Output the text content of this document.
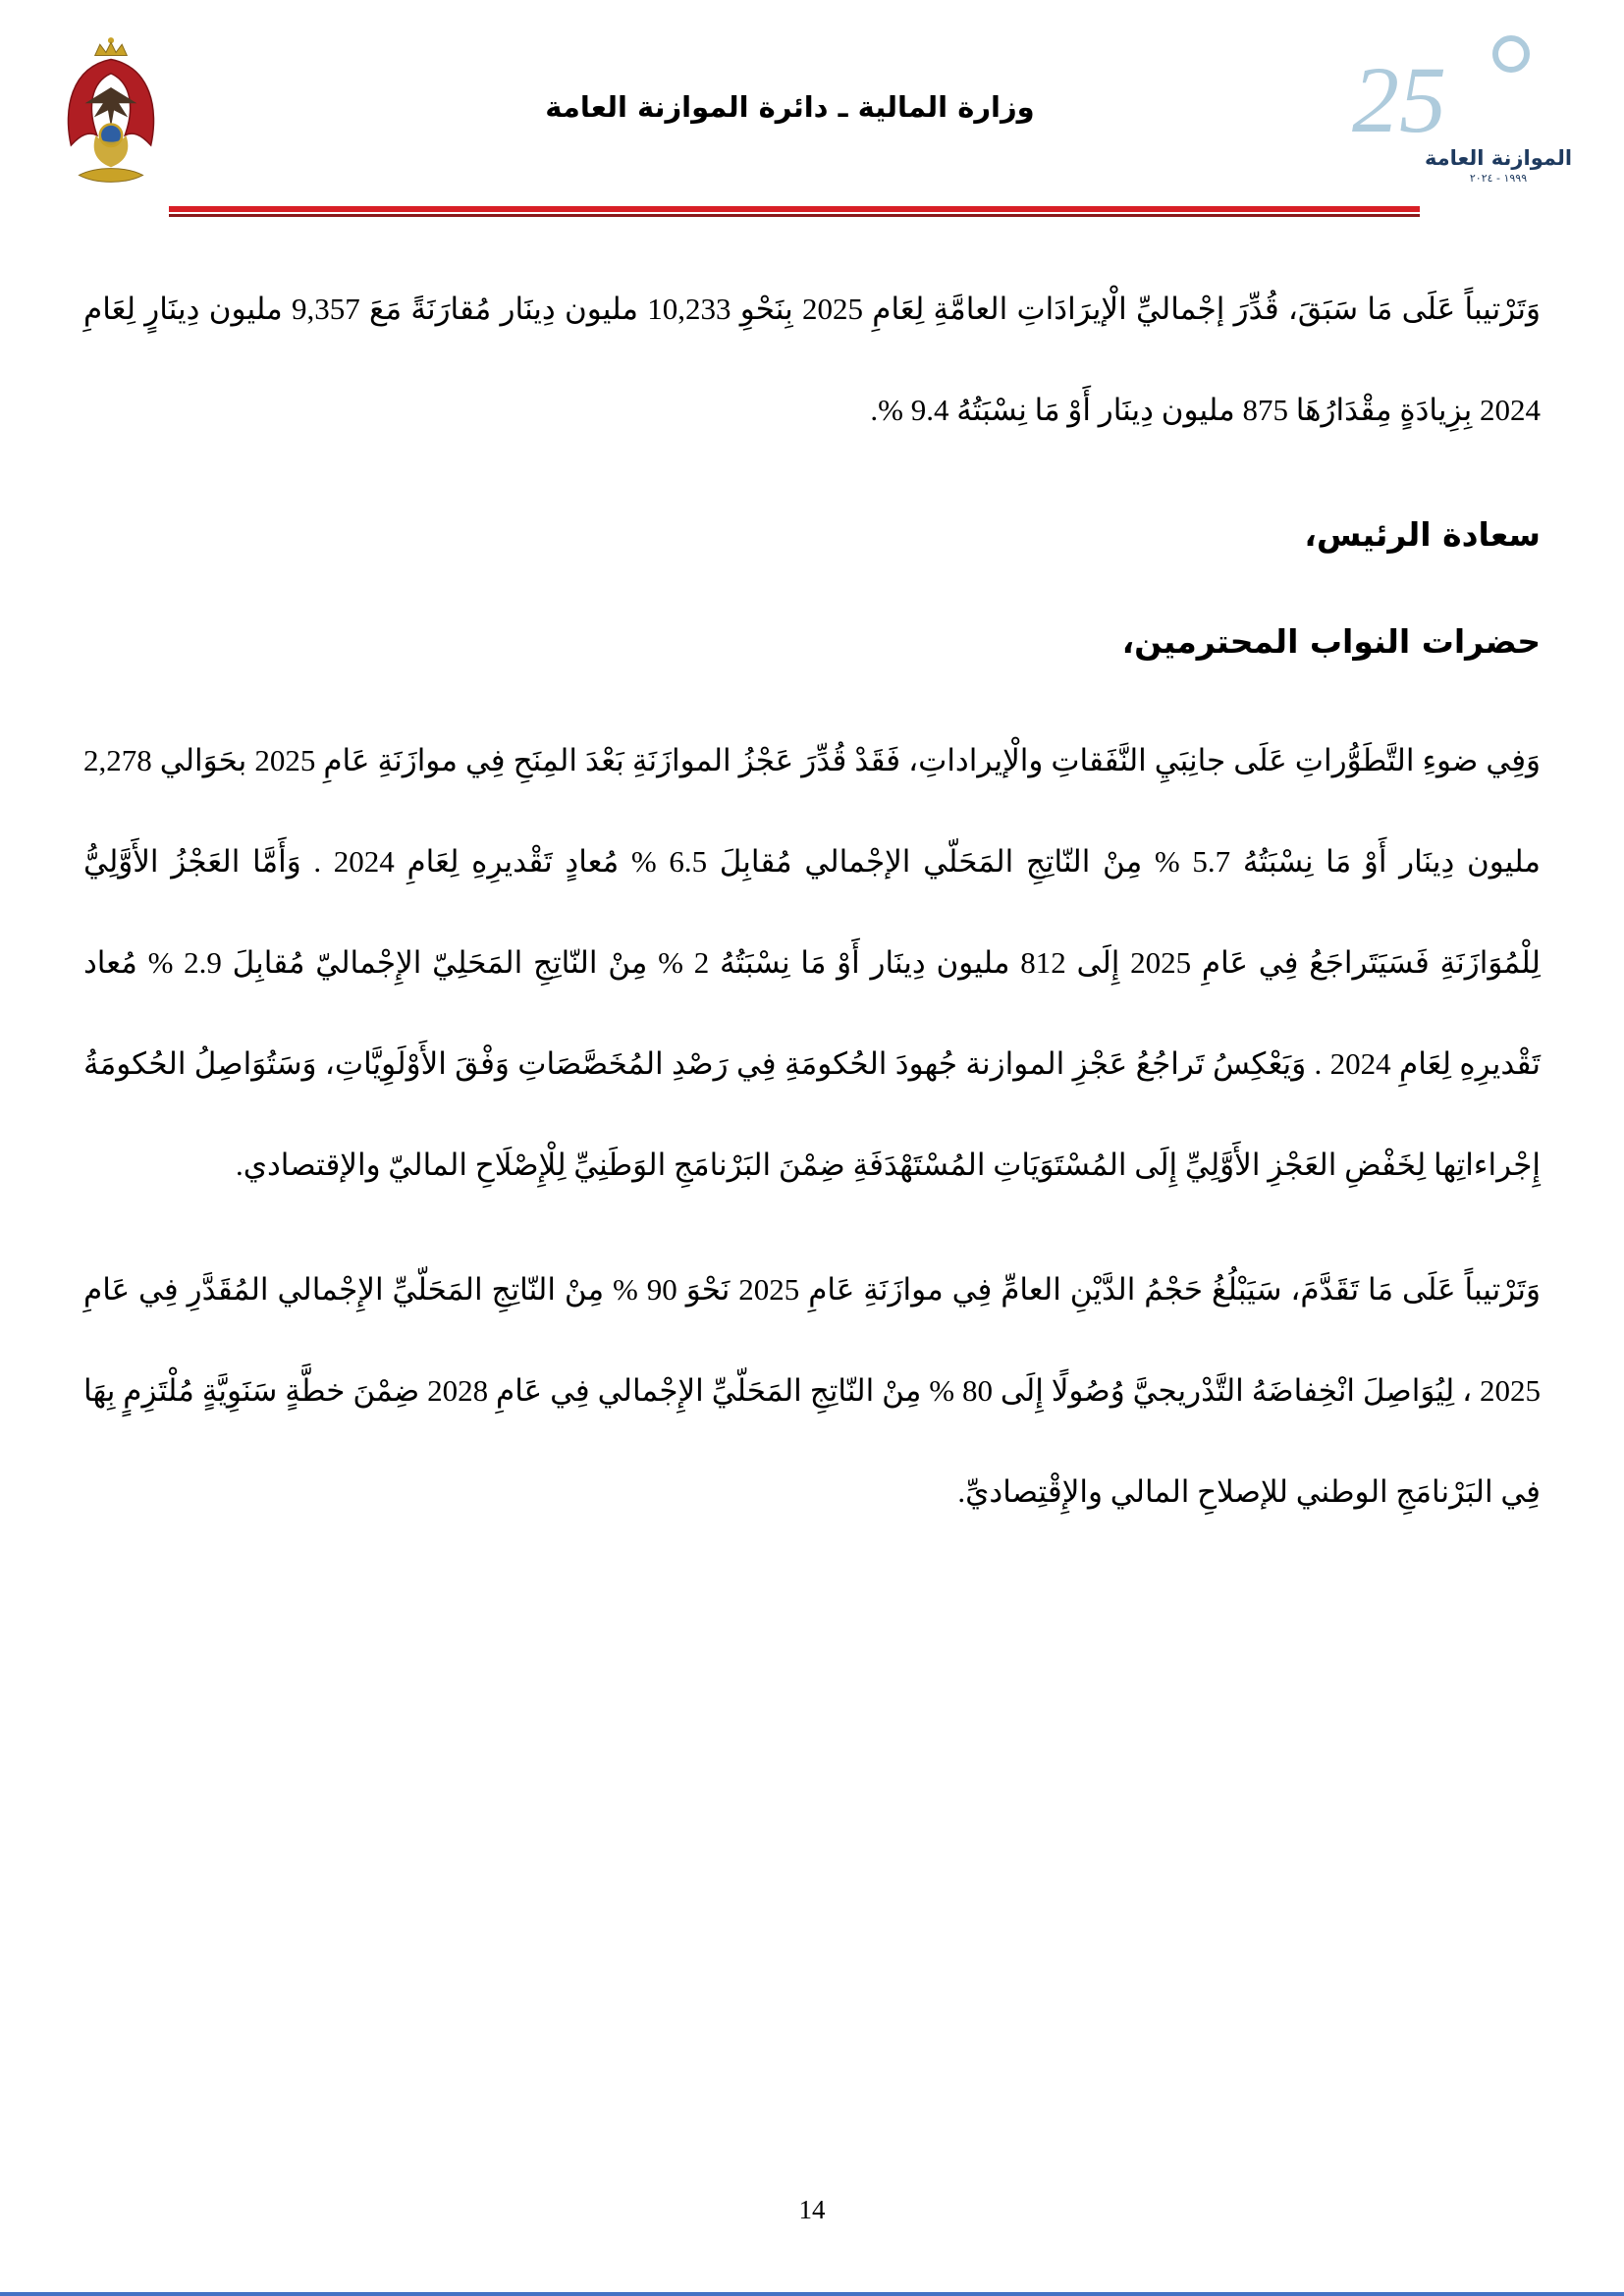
25
الموازنة العامة
١٩٩٩ - ٢٠٢٤
وزارة المالية ـ دائرة الموازنة العامة

وَتَرْتيباً عَلَى مَا سَبَقَ، قُدِّرَ إجْماليِّ الْإيرَادَاتِ العامَّةِ لِعَامِ 2025 بِنَحْوِ 10,233 مليون دِينَار مُقارَنَةً مَعَ 9,357 مليون دِينَارٍ لِعَامِ 2024 بِزِيادَةٍ مِقْدَارُهَا 875 مليون دِينَار أَوْ مَا نِسْبَتُهُ 9.4 %.

سعادة الرئيس،
حضرات النواب المحترمين،

وَفِي ضوءِ التَّطَوُّراتِ عَلَى جانِبَيِ النَّفَقاتِ والْإيراداتِ، فَقَدْ قُدِّرَ عَجْزُ الموازَنَةِ بَعْدَ المِنَحِ فِي موازَنَةِ عَامِ 2025 بحَوَالي 2,278 مليون دِينَار أَوْ مَا نِسْبَتُهُ 5.7 % مِنْ النّاتِجِ المَحَلّي الإجْمالي مُقابِلَ 6.5 % مُعادٍ تَقْديرِهِ لِعَامِ 2024 . وَأَمَّا العَجْزُ الأَوَّلِيُّ لِلْمُوَازَنَةِ فَسَيَتَراجَعُ فِي عَامِ 2025 إِلَى 812 مليون دِينَار أَوْ مَا نِسْبَتُهُ 2 % مِنْ النّاتِجِ المَحَلِيّ الإِجْماليّ مُقابِلَ 2.9 % مُعاد تَقْديرِهِ لِعَامِ 2024 . وَيَعْكِسُ تَراجُعُ عَجْزِ الموازنة جُهودَ الحُكومَةِ فِي رَصْدِ المُخَصَّصَاتِ وَفْقَ الأَوْلَوِيَّاتِ، وَسَتُوَاصِلُ الحُكومَةُ إِجْراءاتِها لِخَفْضِ العَجْزِ الأَوَّلِيِّ إِلَى المُسْتَوَيَاتِ المُسْتَهْدَفَةِ ضِمْنَ البَرْنامَجِ الوَطَنِيِّ لِلْإِصْلَاحِ الماليّ والإقتصادي.

وَتَرْتيباً عَلَى مَا تَقَدَّمَ، سَيَبْلُغُ حَجْمُ الدَّيْنِ العامِّ فِي موازَنَةِ عَامِ 2025 نَحْوَ 90 % مِنْ النّاتِجِ المَحَلّيِّ الإِجْمالي المُقَدَّرِ فِي عَامِ 2025 ، لِيُوَاصِلَ انْخِفاضَهُ التَّدْريجيَّ وُصُولًا إِلَى 80 % مِنْ النّاتِجِ المَحَلّيِّ الإِجْمالي فِي عَامِ 2028 ضِمْنَ خطَّةٍ سَنَوِيَّةٍ مُلْتَزِمٍ بِهَا فِي البَرْنامَجِ الوطني للإصلاحِ المالي والإِقْتِصاديِّ.

14
